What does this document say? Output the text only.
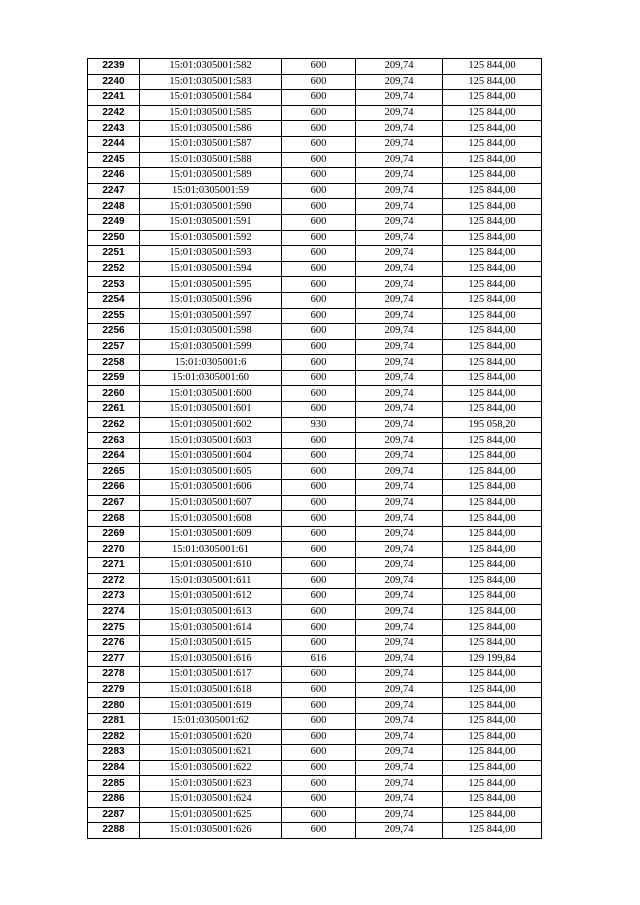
2239	15:01:0305001:582	600	209,74	125 844,00
2240	15:01:0305001:583	600	209,74	125 844,00
2241	15:01:0305001:584	600	209,74	125 844,00
2242	15:01:0305001:585	600	209,74	125 844,00
2243	15:01:0305001:586	600	209,74	125 844,00
2244	15:01:0305001:587	600	209,74	125 844,00
2245	15:01:0305001:588	600	209,74	125 844,00
2246	15:01:0305001:589	600	209,74	125 844,00
2247	15:01:0305001:59	600	209,74	125 844,00
2248	15:01:0305001:590	600	209,74	125 844,00
2249	15:01:0305001:591	600	209,74	125 844,00
2250	15:01:0305001:592	600	209,74	125 844,00
2251	15:01:0305001:593	600	209,74	125 844,00
2252	15:01:0305001:594	600	209,74	125 844,00
2253	15:01:0305001:595	600	209,74	125 844,00
2254	15:01:0305001:596	600	209,74	125 844,00
2255	15:01:0305001:597	600	209,74	125 844,00
2256	15:01:0305001:598	600	209,74	125 844,00
2257	15:01:0305001:599	600	209,74	125 844,00
2258	15:01:0305001:6	600	209,74	125 844,00
2259	15:01:0305001:60	600	209,74	125 844,00
2260	15:01:0305001:600	600	209,74	125 844,00
2261	15:01:0305001:601	600	209,74	125 844,00
2262	15:01:0305001:602	930	209,74	195 058,20
2263	15:01:0305001:603	600	209,74	125 844,00
2264	15:01:0305001:604	600	209,74	125 844,00
2265	15:01:0305001:605	600	209,74	125 844,00
2266	15:01:0305001:606	600	209,74	125 844,00
2267	15:01:0305001:607	600	209,74	125 844,00
2268	15:01:0305001:608	600	209,74	125 844,00
2269	15:01:0305001:609	600	209,74	125 844,00
2270	15:01:0305001:61	600	209,74	125 844,00
2271	15:01:0305001:610	600	209,74	125 844,00
2272	15:01:0305001:611	600	209,74	125 844,00
2273	15:01:0305001:612	600	209,74	125 844,00
2274	15:01:0305001:613	600	209,74	125 844,00
2275	15:01:0305001:614	600	209,74	125 844,00
2276	15:01:0305001:615	600	209,74	125 844,00
2277	15:01:0305001:616	616	209,74	129 199,84
2278	15:01:0305001:617	600	209,74	125 844,00
2279	15:01:0305001:618	600	209,74	125 844,00
2280	15:01:0305001:619	600	209,74	125 844,00
2281	15:01:0305001:62	600	209,74	125 844,00
2282	15:01:0305001:620	600	209,74	125 844,00
2283	15:01:0305001:621	600	209,74	125 844,00
2284	15:01:0305001:622	600	209,74	125 844,00
2285	15:01:0305001:623	600	209,74	125 844,00
2286	15:01:0305001:624	600	209,74	125 844,00
2287	15:01:0305001:625	600	209,74	125 844,00
2288	15:01:0305001:626	600	209,74	125 844,00
